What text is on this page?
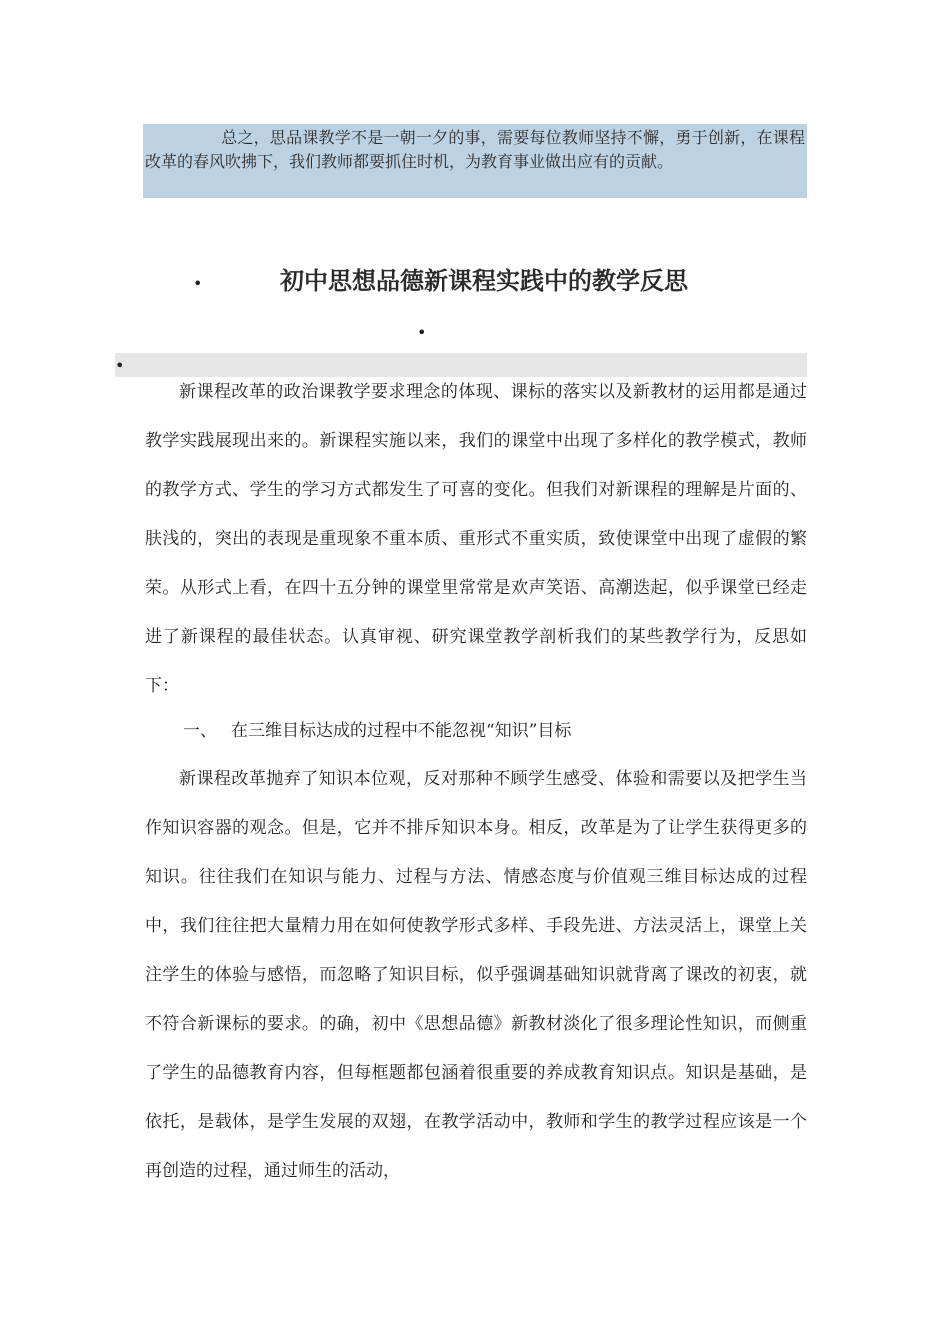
总之，思品课教学不是一朝一夕的事，需要每位教师坚持不懈，勇于创新，在课程改革的春风吹拂下，我们教师都要抓住时机，为教育事业做出应有的贡献。
•	初中思想品德新课程实践中的教学反思
•
•

新课程改革的政治课教学要求理念的体现、课标的落实以及新教材的运用都是通过教学实践展现出来的。新课程实施以来，我们的课堂中出现了多样化的教学模式，教师的教学方式、学生的学习方式都发生了可喜的变化。但我们对新课程的理解是片面的、肤浅的，突出的表现是重现象不重本质、重形式不重实质，致使课堂中出现了虚假的繁荣。从形式上看，在四十五分钟的课堂里常常是欢声笑语、高潮迭起，似乎课堂已经走进了新课程的最佳状态。认真审视、研究课堂教学剖析我们的某些教学行为，反思如下：

一、 在三维目标达成的过程中不能忽视“知识”目标

新课程改革抛弃了知识本位观，反对那种不顾学生感受、体验和需要以及把学生当作知识容器的观念。但是，它并不排斥知识本身。相反，改革是为了让学生获得更多的知识。往往我们在知识与能力、过程与方法、情感态度与价值观三维目标达成的过程中，我们往往把大量精力用在如何使教学形式多样、手段先进、方法灵活上，课堂上关注学生的体验与感悟，而忽略了知识目标，似乎强调基础知识就背离了课改的初衷，就不符合新课标的要求。的确，初中《思想品德》新教材淡化了很多理论性知识，而侧重了学生的品德教育内容，但每框题都包涵着很重要的养成教育知识点。知识是基础，是依托，是载体，是学生发展的双翅，在教学活动中，教师和学生的教学过程应该是一个再创造的过程，通过师生的活动，
